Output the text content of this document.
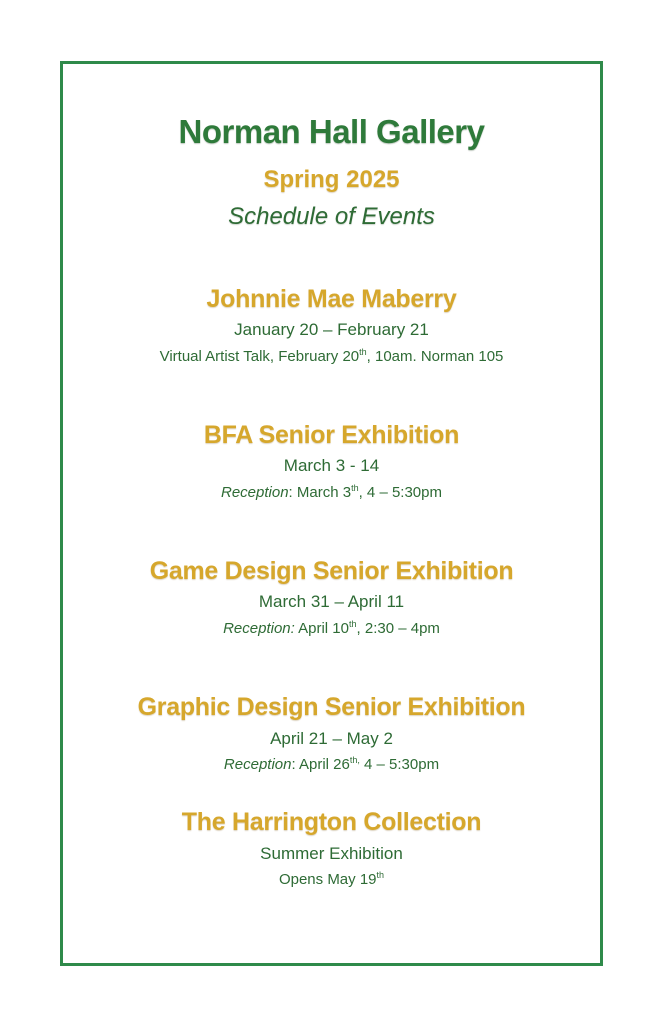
Norman Hall Gallery
Spring 2025
Schedule of Events
Johnnie Mae Maberry
January 20 – February 21
Virtual Artist Talk, February 20th, 10am. Norman 105
BFA Senior Exhibition
March 3 - 14
Reception: March 3th, 4 – 5:30pm
Game Design Senior Exhibition
March 31 – April 11
Reception: April 10th, 2:30 – 4pm
Graphic Design Senior Exhibition
April 21 – May 2
Reception: April $26^{th,}$ 4 – 5:30pm
The Harrington Collection
Summer Exhibition
Opens May 19th
